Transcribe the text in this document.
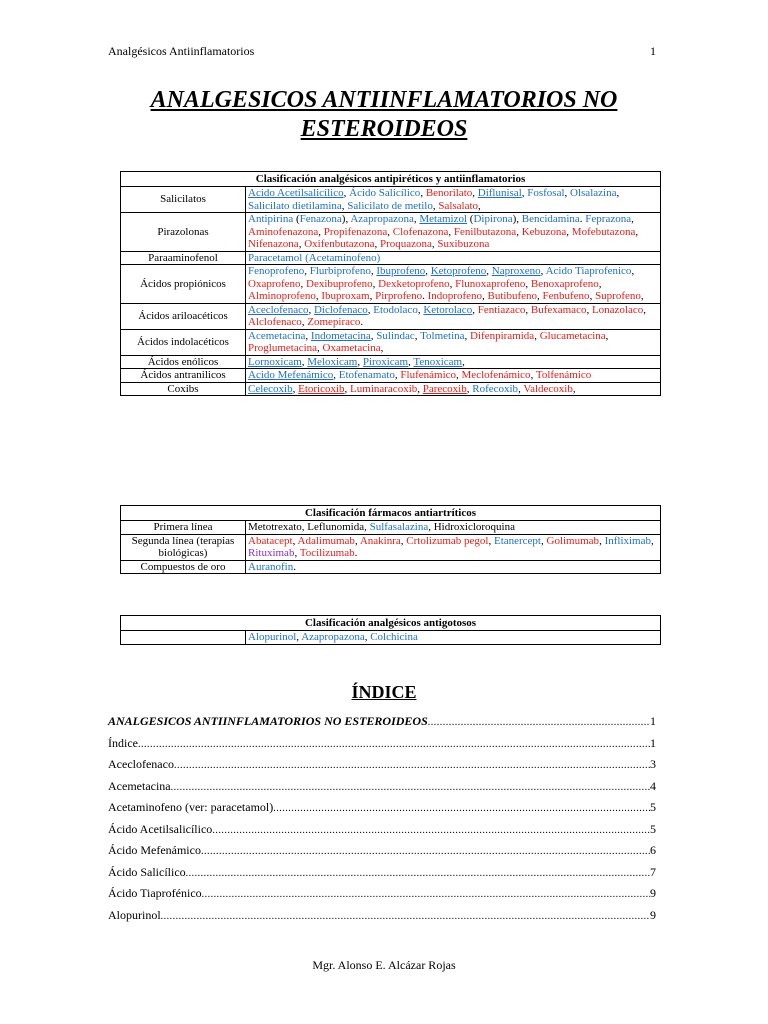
Analgésicos Antiinflamatorios	1
ANALGESICOS ANTIINFLAMATORIOS NO ESTEROIDEOS
Clasificación analgésicos antipiréticos y antiinflamatorios	
Salicilatos	Acido Acetilsalicílico, Ácido Salicílico, Benorilato, Diflunisal, Fosfosal, Olsalazina, Salicilato dietilamina, Salicilato de metilo, Salsalato,
Pirazolonas	Antipirina (Fenazona), Azapropazona, Metamizol (Dipirona), Bencidamina. Feprazona, Aminofenazona, Propifenazona, Clofenazona, Fenilbutazona, Kebuzona, Mofebutazona, Nifenazona, Oxifenbutazona, Proquazona, Suxibuzona
Paraaminofenol	Paracetamol (Acetaminofeno)
Ácidos propiónicos	Fenoprofeno, Flurbiprofeno, Ibuprofeno, Ketoprofeno, Naproxeno, Acido Tiaprofenico, Oxaprofeno, Dexibuprofeno, Dexketoprofeno, Flunoxaprofeno, Benoxaprofeno, Alminoprofeno, Ibuproxam, Pirprofeno. Indoprofeno, Butibufeno, Fenbufeno, Suprofeno,
Ácidos ariloacéticos	Aceclofenaco, Diclofenaco, Etodolaco, Ketorolaco, Fentiazaco, Bufexamaco, Lonazolaco, Alclofenaco, Zomepiraco.
Ácidos indolacéticos	Acemetacina, Indometacina, Sulindac, Tolmetina, Difenpiramida, Glucametacina, Proglumetacina, Oxametacina,
Ácidos enólicos	Lornoxicam, Meloxicam, Piroxicam, Tenoxicam,
Ácidos antranilicos	Acido Mefenámico, Etofenamato, Flufenámico, Meclofenámico, Tolfenámico
Coxibs	Celecoxib, Etoricoxib, Luminaracoxib, Parecoxib, Rofecoxib, Valdecoxib,
Clasificación fármacos antiartríticos	
Primera línea	Metotrexato, Leflunomida, Sulfasalazina, Hidroxicloroquina
Segunda línea (terapias biológicas)	Abatacept, Adalimumab, Anakinra, Crtolizumab pegol, Etanercept, Golimumab, Infliximab, Rituximab, Tocilizumab.
Compuestos de oro	Auranofin.
Clasificación analgésicos antigotosos
	Alopurinol, Azapropazona, Colchicina
ÍNDICE
ANALGESICOS ANTIINFLAMATORIOS NO ESTEROIDEOS .....	1
Índice .....	1
Aceclofenaco .....	3
Acemetacina .....	4
Acetaminofeno (ver: paracetamol) .....	5
Ácido Acetilsalicílico .....	5
Ácido Mefenámico .....	6
Ácido Salicílico .....	7
Ácido Tiaprofénico .....	9
Alopurinol .....	9
Mgr. Alonso E. Alcázar Rojas
